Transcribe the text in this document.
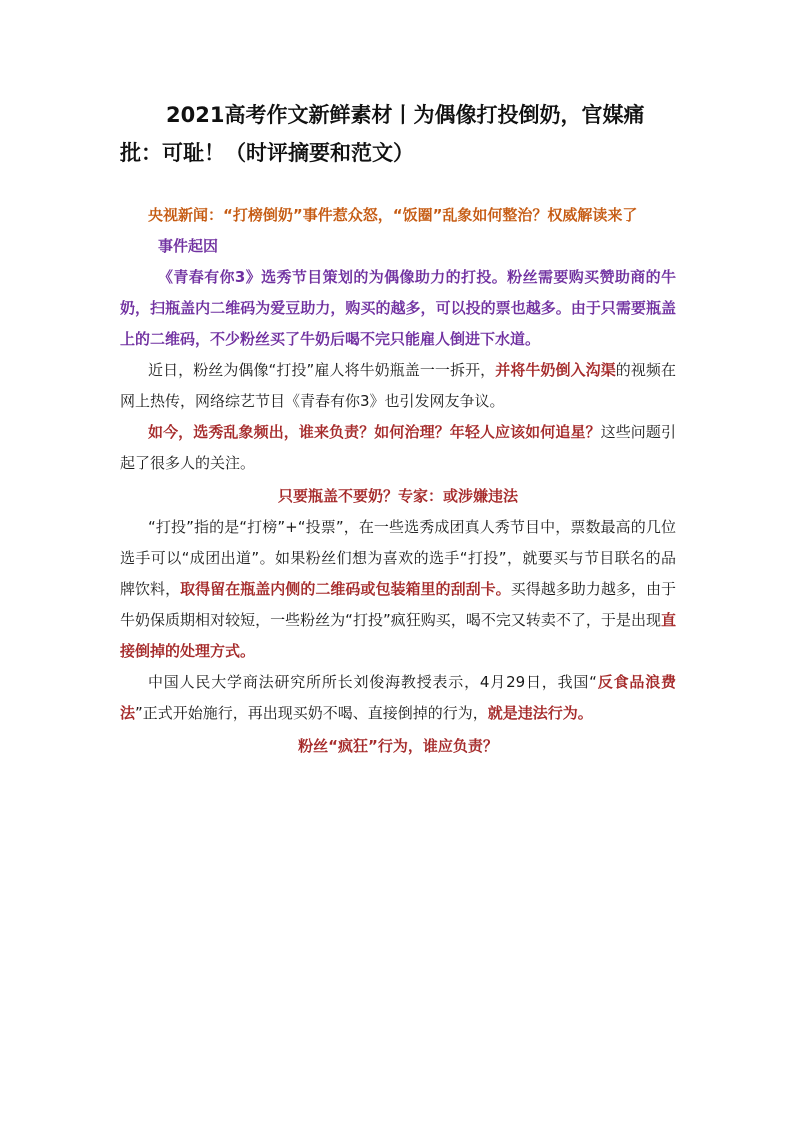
2021高考作文新鲜素材丨为偶像打投倒奶，官媒痛批：可耻！（时评摘要和范文）

央视新闻：“打榜倒奶”事件惹众怒，“饭圈”乱象如何整治？权威解读来了

事件起因

《青春有你3》选秀节目策划的为偶像助力的打投。粉丝需要购买赞助商的牛奶，扫瓶盖内二维码为爱豆助力，购买的越多，可以投的票也越多。由于只需要瓶盖上的二维码，不少粉丝买了牛奶后喝不完只能雇人倒进下水道。

近日，粉丝为偶像“打投”雇人将牛奶瓶盖一一拆开，并将牛奶倒入沟渠的视频在网上热传，网络综艺节目《青春有你3》也引发网友争议。

如今，选秀乱象频出，谁来负责？如何治理？年轻人应该如何追星？这些问题引起了很多人的关注。

只要瓶盖不要奶？专家：或涉嫌违法

“打投”指的是“打榜”+“投票”，在一些选秀成团真人秀节目中，票数最高的几位选手可以“成团出道”。如果粉丝们想为喜欢的选手“打投”，就要买与节目联名的品牌饮料，取得留在瓶盖内侧的二维码或包装箱里的刮刮卡。买得越多助力越多，由于牛奶保质期相对较短，一些粉丝为“打投”疯狂购买，喝不完又转卖不了，于是出现直接倒掉的处理方式。

中国人民大学商法研究所所长刘俊海教授表示，4月29日，我国“反食品浪费法”正式开始施行，再出现买奶不喝、直接倒掉的行为，就是违法行为。

粉丝“疯狂”行为，谁应负责？
